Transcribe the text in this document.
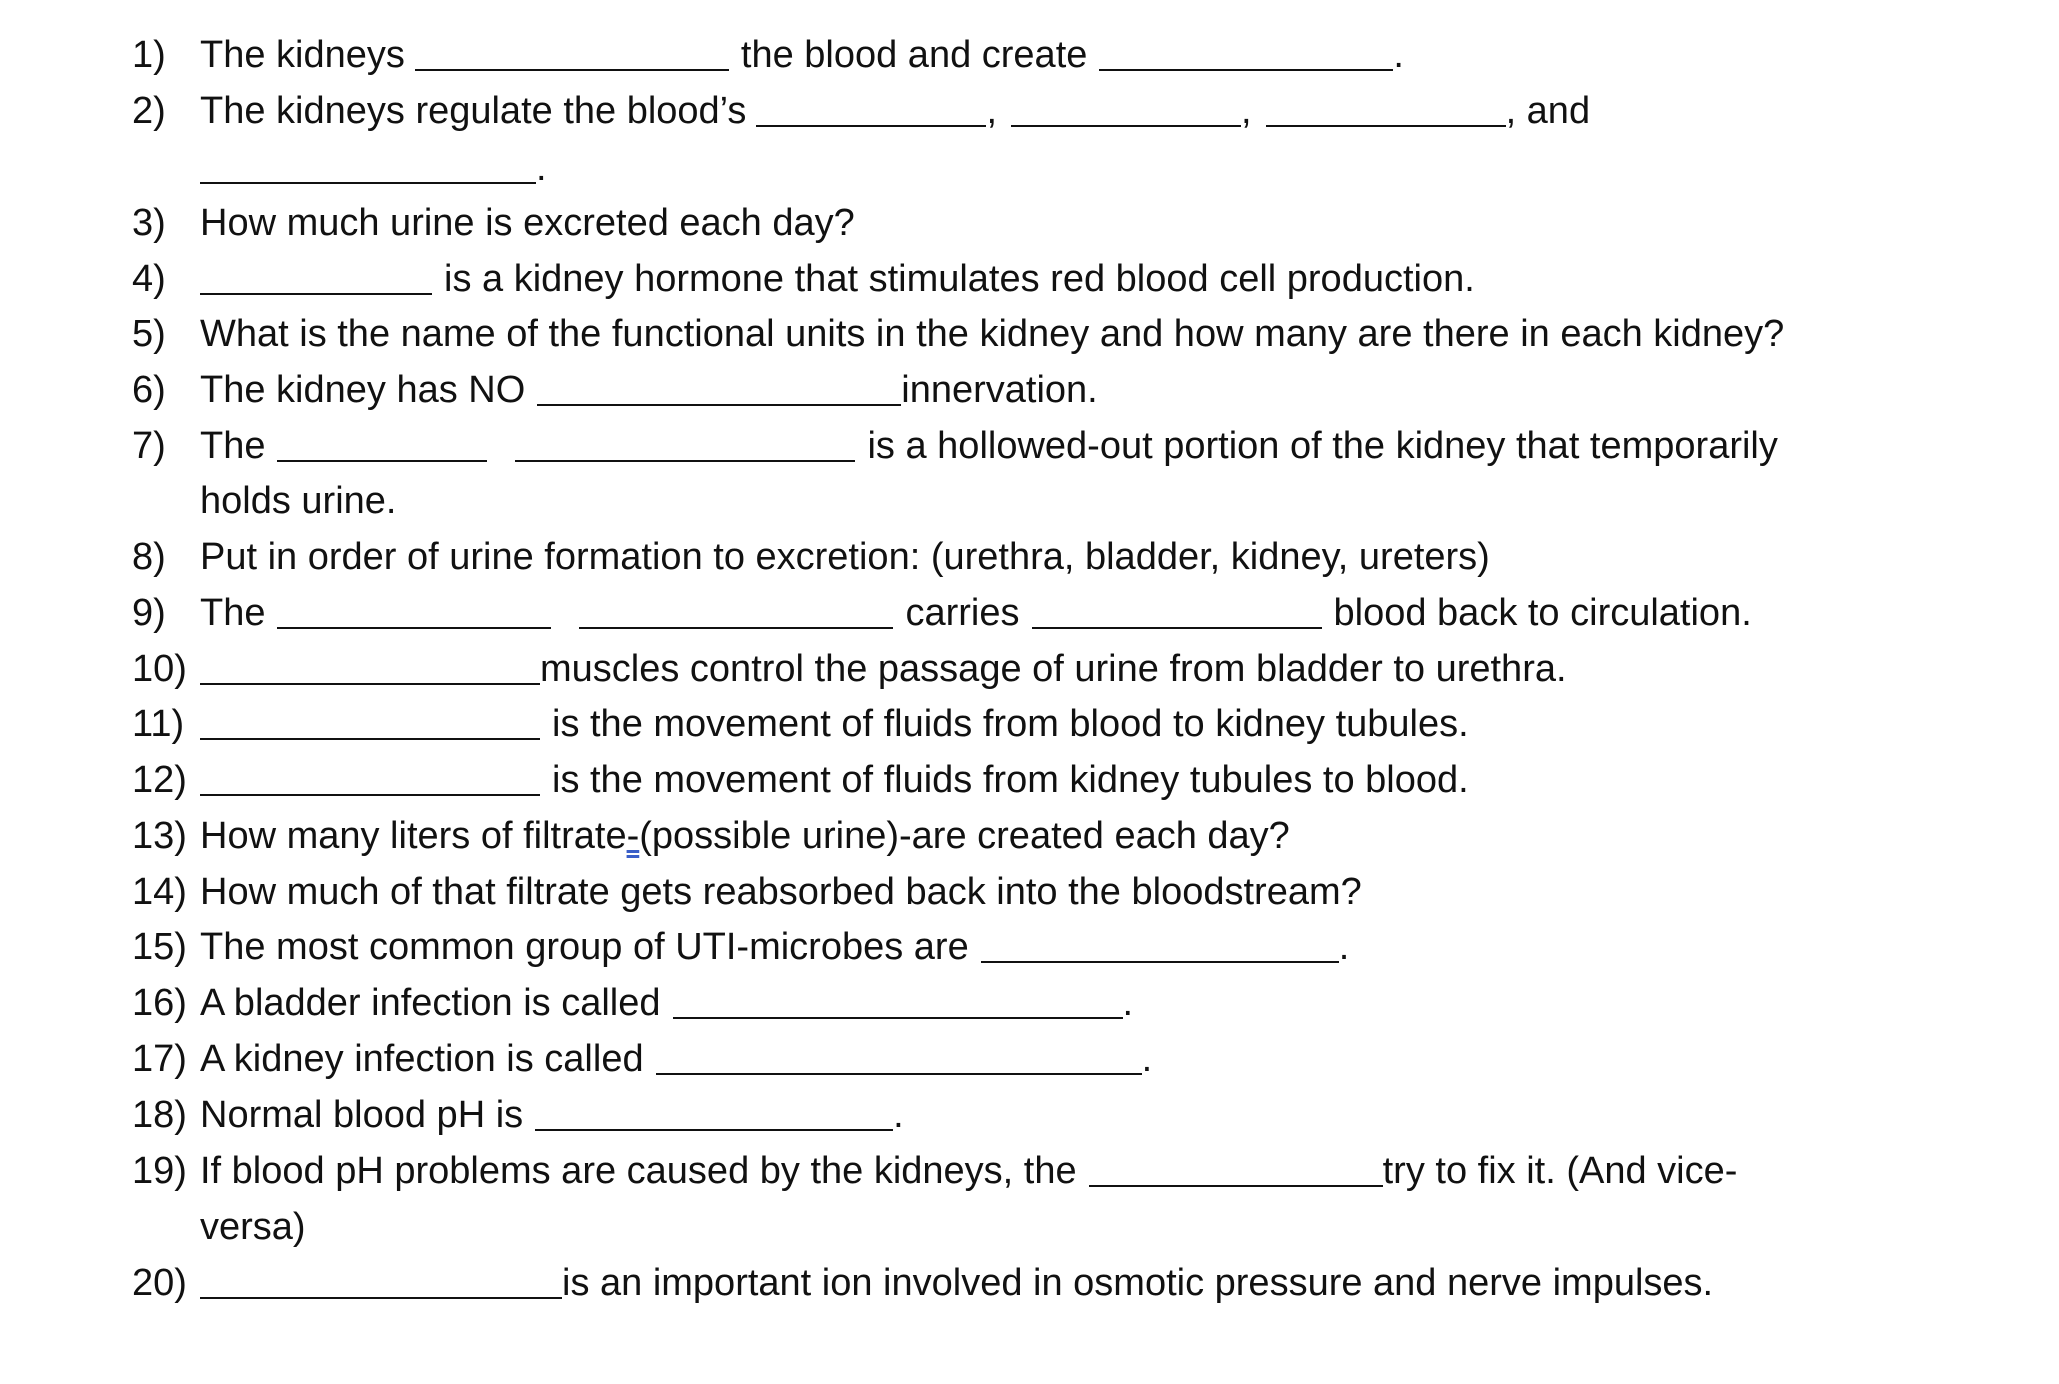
1) The kidneys	the blood and create	.
2) The kidneys regulate the blood’s	,	,	, and
.
3) How much urine is excreted each day?
4)	is a kidney hormone that stimulates red blood cell production.
5) What is the name of the functional units in the kidney and how many are there in each kidney?
6) The kidney has NO	innervation.
7) The	is a hollowed-out portion of the kidney that temporarily
holds urine.
8) Put in order of urine formation to excretion: (urethra, bladder, kidney, ureters)
9) The	carries	blood back to circulation.
10)	muscles control the passage of urine from bladder to urethra.
11)	is the movement of fluids from blood to kidney tubules.
12)	is the movement of fluids from kidney tubules to blood.
13) How many liters of filtrate-(possible urine)-are created each day?
14) How much of that filtrate gets reabsorbed back into the bloodstream?
15) The most common group of UTI-microbes are	.
16) A bladder infection is called	.
17) A kidney infection is called	.
18) Normal blood pH is	.
19) If blood pH problems are caused by the kidneys, the	try to fix it. (And vice-
versa)
20)	is an important ion involved in osmotic pressure and nerve impulses.
